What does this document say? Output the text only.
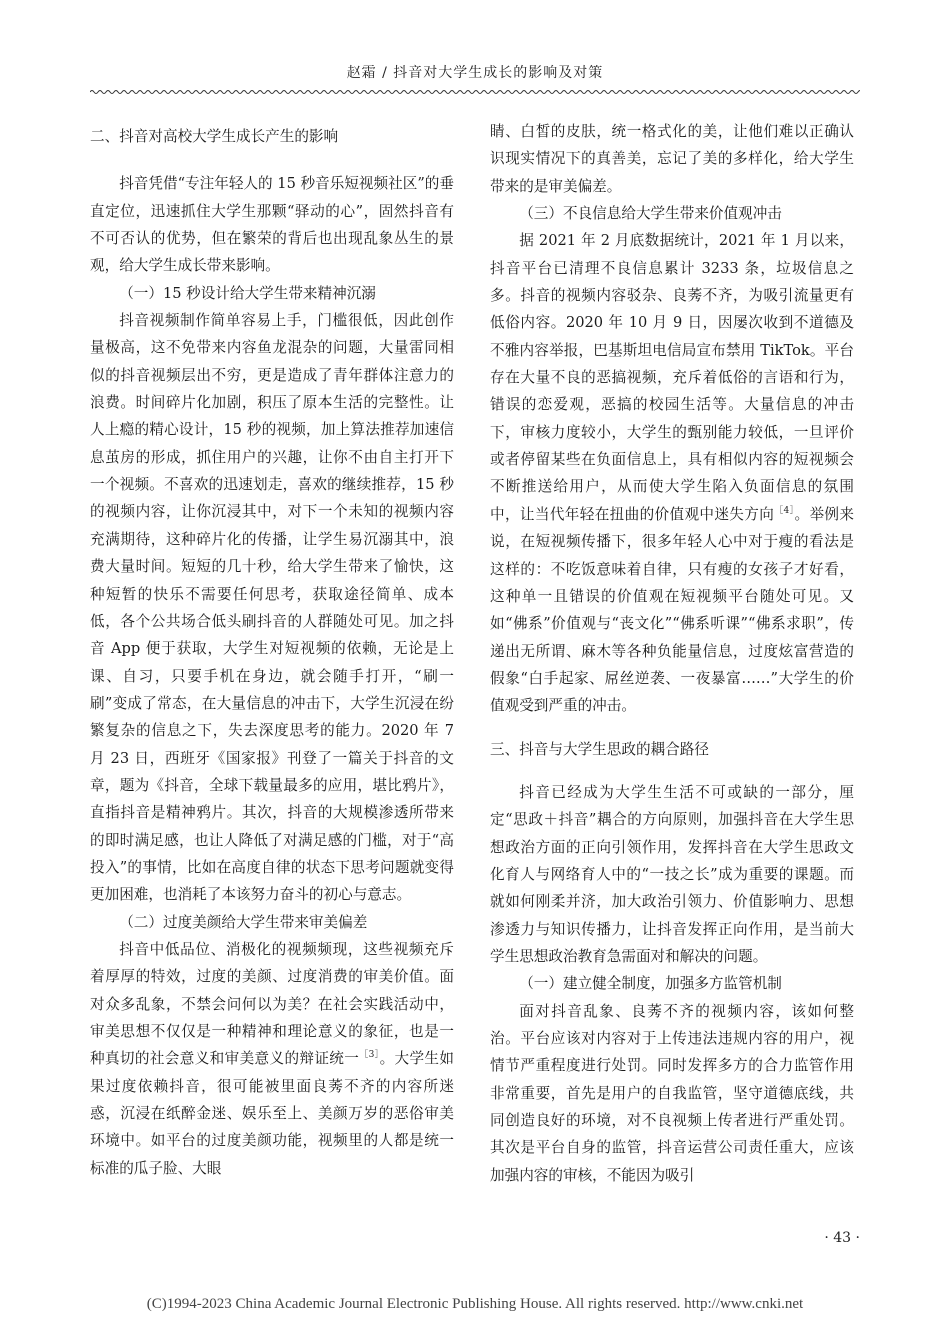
赵霜 / 抖音对大学生成长的影响及对策
二、抖音对高校大学生成长产生的影响

抖音凭借“专注年轻人的 15 秒音乐短视频社区”的垂直定位，迅速抓住大学生那颗“驿动的心”，固然抖音有不可否认的优势，但在繁荣的背后也出现乱象丛生的景观，给大学生成长带来影响。

（一）15 秒设计给大学生带来精神沉溺

抖音视频制作简单容易上手，门槛很低，因此创作量极高，这不免带来内容鱼龙混杂的问题，大量雷同相似的抖音视频层出不穷，更是造成了青年群体注意力的浪费。时间碎片化加剧，积压了原本生活的完整性。让人上瘾的精心设计，15 秒的视频，加上算法推荐加速信息茧房的形成，抓住用户的兴趣，让你不由自主打开下一个视频。不喜欢的迅速划走，喜欢的继续推荐，15 秒的视频内容，让你沉浸其中，对下一个未知的视频内容充满期待，这种碎片化的传播，让学生易沉溺其中，浪费大量时间。短短的几十秒，给大学生带来了愉快，这种短暂的快乐不需要任何思考，获取途径简单、成本低，各个公共场合低头刷抖音的人群随处可见。加之抖音 App 便于获取，大学生对短视频的依赖，无论是上课、自习，只要手机在身边，就会随手打开，“刷一刷”变成了常态，在大量信息的冲击下，大学生沉浸在纷繁复杂的信息之下，失去深度思考的能力。2020 年 7 月 23 日，西班牙《国家报》刊登了一篇关于抖音的文章，题为《抖音，全球下载量最多的应用，堪比鸦片》，直指抖音是精神鸦片。其次，抖音的大规模渗透所带来的即时满足感，也让人降低了对满足感的门槛，对于“高投入”的事情，比如在高度自律的状态下思考问题就变得更加困难，也消耗了本该努力奋斗的初心与意志。

（二）过度美颜给大学生带来审美偏差

抖音中低品位、消极化的视频频现，这些视频充斥着厚厚的特效，过度的美颜、过度消费的审美价值。面对众多乱象，不禁会问何以为美？在社会实践活动中，审美思想不仅仅是一种精神和理论意义的象征，也是一种真切的社会意义和审美意义的辩证统一$^{[3]}$。大学生如果过度依赖抖音，很可能被里面良莠不齐的内容所迷惑，沉浸在纸醉金迷、娱乐至上、美颜万岁的恶俗审美环境中。如平台的过度美颜功能，视频里的人都是统一标准的瓜子脸、大眼

睛、白皙的皮肤，统一格式化的美，让他们难以正确认识现实情况下的真善美，忘记了美的多样化，给大学生带来的是审美偏差。

（三）不良信息给大学生带来价值观冲击

据 2021 年 2 月底数据统计，2021 年 1 月以来，抖音平台已清理不良信息累计 3233 条，垃圾信息之多。抖音的视频内容驳杂、良莠不齐，为吸引流量更有低俗内容。2020 年 10 月 9 日，因屡次收到不道德及不雅内容举报，巴基斯坦电信局宣布禁用 TikTok。平台存在大量不良的恶搞视频，充斥着低俗的言语和行为，错误的恋爱观，恶搞的校园生活等。大量信息的冲击下，审核力度较小，大学生的甄别能力较低，一旦评价或者停留某些在负面信息上，具有相似内容的短视频会不断推送给用户，从而使大学生陷入负面信息的氛围中，让当代年轻在扭曲的价值观中迷失方向$^{[4]}$。举例来说，在短视频传播下，很多年轻人心中对于瘦的看法是这样的：不吃饭意味着自律，只有瘦的女孩子才好看，这种单一且错误的价值观在短视频平台随处可见。又如“佛系”价值观与“丧文化”“佛系听课”“佛系求职”，传递出无所谓、麻木等各种负能量信息，过度炫富营造的假象“白手起家、屌丝逆袭、一夜暴富……”大学生的价值观受到严重的冲击。

三、抖音与大学生思政的耦合路径

抖音已经成为大学生生活不可或缺的一部分，厘定“思政＋抖音”耦合的方向原则，加强抖音在大学生思想政治方面的正向引领作用，发挥抖音在大学生思政文化育人与网络育人中的“一技之长”成为重要的课题。而就如何刚柔并济，加大政治引领力、价值影响力、思想渗透力与知识传播力，让抖音发挥正向作用，是当前大学生思想政治教育急需面对和解决的问题。

（一）建立健全制度，加强多方监管机制

面对抖音乱象、良莠不齐的视频内容，该如何整治。平台应该对内容对于上传违法违规内容的用户，视情节严重程度进行处罚。同时发挥多方的合力监管作用非常重要，首先是用户的自我监管，坚守道德底线，共同创造良好的环境，对不良视频上传者进行严重处罚。其次是平台自身的监管，抖音运营公司责任重大，应该加强内容的审核，不能因为吸引

· 43 ·
(C)1994-2023 China Academic Journal Electronic Publishing House. All rights reserved. http://www.cnki.net
